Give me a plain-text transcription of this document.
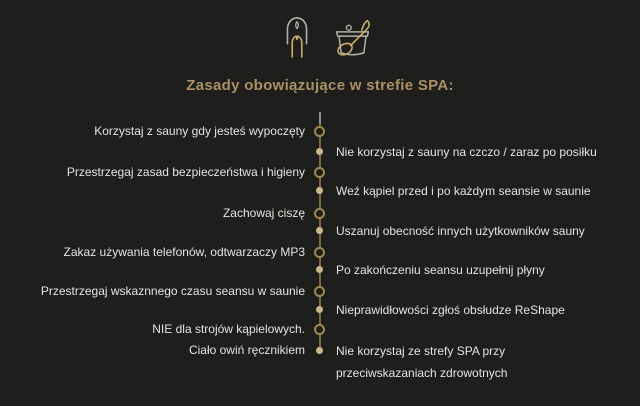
Zasady obowiązujące w strefie SPA:
Korzystaj z sauny gdy jesteś wypoczęty
Przestrzegaj zasad bezpieczeństwa i higieny
Zachowaj ciszę
Zakaz używania telefonów, odtwarzaczy MP3
Przestrzegaj wskaznnego czasu seansu w saunie
NIE dla strojów kąpielowych.
Ciało owiń ręcznikiem
Nie korzystaj z sauny na czczo / zaraz po posiłku
Weź kąpiel przed i po każdym seansie w saunie
Uszanuj obecność innych użytkowników sauny
Po zakończeniu seansu uzupełnij płyny
Nieprawidłowości zgłoś obsłudze ReShape
Nie korzystaj ze strefy SPA przy
przeciwskazaniach zdrowotnych
